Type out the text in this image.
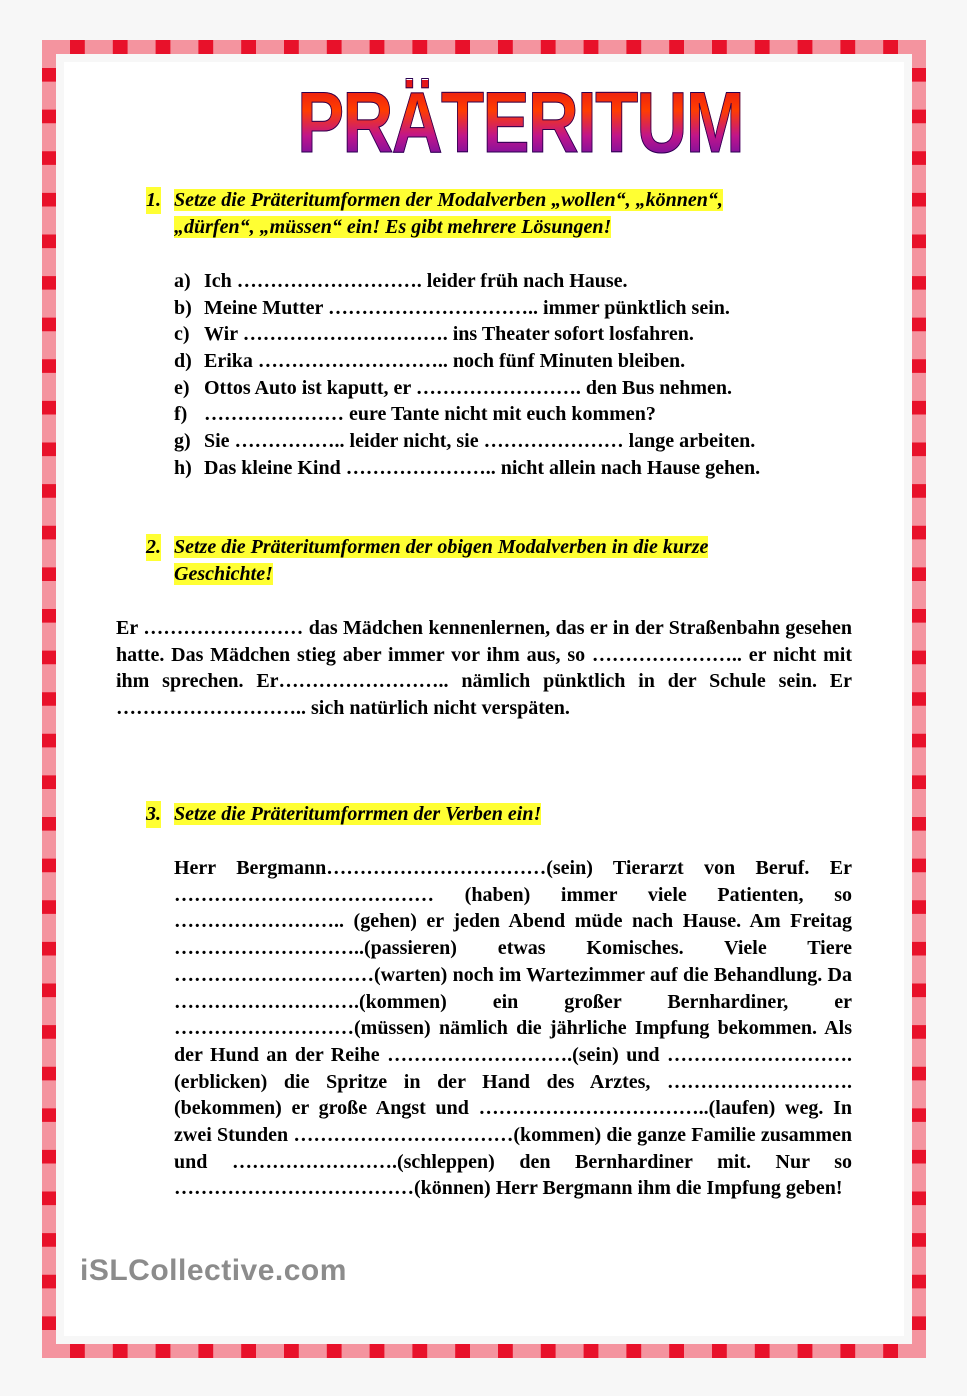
PRÄTERITUM
1. Setze die Präteritumformen der Modalverben „wollen“, „können“,
„dürfen“, „müssen“ ein! Es gibt mehrere Lösungen!
a) Ich ………………………. leider früh nach Hause.
b) Meine Mutter ………………………….. immer pünktlich sein.
c) Wir …………………………. ins Theater sofort losfahren.
d) Erika ……………………….. noch fünf Minuten bleiben.
e) Ottos Auto ist kaputt, er ……………………. den Bus nehmen.
f) ………………… eure Tante nicht mit euch kommen?
g) Sie …………….. leider nicht, sie ………………… lange arbeiten.
h) Das kleine Kind ………………….. nicht allein nach Hause gehen.
2. Setze die Präteritumformen der obigen Modalverben in die kurze
Geschichte!
Er …………………… das Mädchen kennenlernen, das er in der Straßenbahn gesehen hatte. Das Mädchen stieg aber immer vor ihm aus, so ………………….. er nicht mit ihm sprechen. Er…………………….. nämlich pünktlich in der Schule sein. Er ……………………….. sich natürlich nicht verspäten.
3. Setze die Präteritumforrmen der Verben ein!
Herr Bergmann……………………………(sein) Tierarzt von Beruf. Er ………………………………… (haben) immer viele Patienten, so …………………….. (gehen) er jeden Abend müde nach Hause. Am Freitag ………………………..(passieren) etwas Komisches. Viele Tiere …………………………(warten) noch im Wartezimmer auf die Behandlung. Da ……………………….(kommen) ein großer Bernhardiner, er ………………………(müssen) nämlich die jährliche Impfung bekommen. Als der Hund an der Reihe ……………………….(sein) und ……………………….(erblicken) die Spritze in der Hand des Arztes, ……………………….(bekommen) er große Angst und ……………………………..(laufen) weg. In zwei Stunden ……………………………(kommen) die ganze Familie zusammen und …………………….(schleppen) den Bernhardiner mit. Nur so ………………………………(können) Herr Bergmann ihm die Impfung geben!
iSLCollective.com
